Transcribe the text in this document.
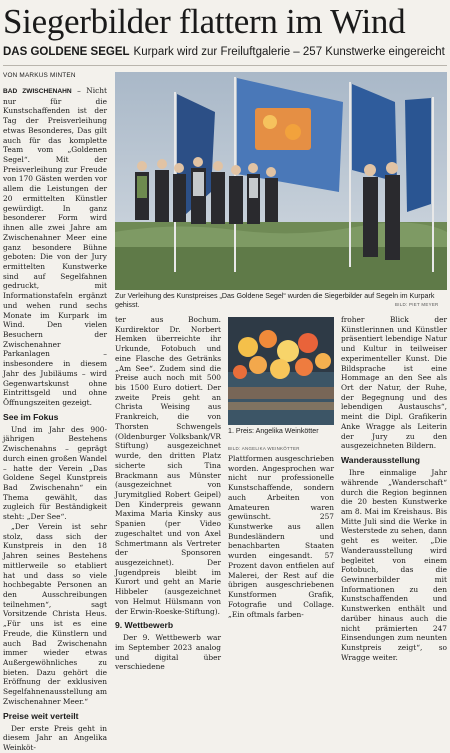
Siegerbilder flattern im Wind
DAS GOLDENE SEGEL Kurpark wird zur Freiluftgalerie – 257 Kunstwerke eingereicht
VON MARKUS MINTEN

BAD ZWISCHENAHN – Nicht nur für die Kunstschaffenden ist der Tag der Preisverleihung etwas Besonderes, Das gilt auch für das komplette Team vom „Goldenen Segel“. Mit der Preisverleihung zur Freude von 170 Gästen werden vor allem die Leistungen der 20 ermittelten Künstler gewürdigt. In ganz besonderer Form wird ihnen alle zwei Jahre am Zwischenahner Meer eine ganz besondere Bühne geboten: Die von der Jury ermittelten Kunstwerke sind auf Segelfahnen gedruckt, mit Informationstafeln ergänzt und wehen rund sechs Monate im Kurpark im Wind. Den vielen Besuchern der Zwischenahner Parkanlagen – insbesondere in diesem Jahr des Jubiläums – wird Gegenwartskunst ohne Eintrittsgeld und ohne Öffnungszeiten gezeigt.

See im Fokus

Und im Jahr des 900-jährigen Bestehens Zwischenahns – geprägt durch einen großen Wandel – hatte der Verein „Das Goldene Segel Kunstpreis Bad Zwischenahn“ ein Thema gewählt, das zugleich für Beständigkeit steht: „Der See“.

„Der Verein ist sehr stolz, dass sich der Kunstpreis in den 18 Jahren seines Bestehens mittlerweile so etabliert hat und dass so viele hochbegabte Personen an den Ausschreibungen teilnehmen“, sagt Vorsitzende Christa Heus. „Für uns ist es eine Freude, die Künstlern und auch Bad Zwischenahn immer wieder etwas Außergewöhnliches zu bieten. Dazu gehört die Eröffnung der exklusiven Segelfahnenausstellung am Zwischenahner Meer.“

Preise weit verteilt

Der erste Preis geht in diesem Jahr an Angelika Weinköt-

Zur Verleihung des Kunstpreises „Das Goldene Segel“ wurden die Siegerbilder auf Segeln im Kurpark gehisst.	BILD: PIET MEYER

ter aus Bochum. Kurdirektor Dr. Norbert Hemken überreichte ihr Urkunde, Fotobuch und eine Flasche des Getränks „Am See“. Zudem sind die Preise auch noch mit 500 bis 1500 Euro dotiert. Der zweite Preis geht an Christa Weising aus Frankreich, die von Thorsten Schwengels (Oldenburger Volksbank/VR Stiftung) ausgezeichnet wurde, den dritten Platz sicherte sich Tina Brackmann aus Münster (ausgezeichnet von Jurymitglied Robert Geipel) Den Kinderpreis gewann Maxima Maria Kinsky aus Spanien (per Video zugeschaltet und von Axel Schmertmann als Vertreter der Sponsoren ausgezeichnet). Der Jugendpreis bleibt im Kurort und geht an Marie Hibbeler (ausgezeichnet von Helmut Hülsmann von der Erwin-Roeske-Stiftung).

9. Wettbewerb

Der 9. Wettbewerb war im September 2023 analog und digital über verschiedene

1. Preis: Angelika Weinkötter
BILD: ANGELIKA WEINKÖTTER

Plattformen ausgeschrieben worden. Angesprochen war nicht nur professionelle Kunstschaffende, sondern auch Arbeiten von Amateuren waren gewünscht. 257 Kunstwerke aus allen Bundesländern und benachbarten Staaten wurden eingesandt. 57 Prozent davon entfielen auf Malerei, der Rest auf die übrigen ausgeschriebenen Kunstformen Grafik, Fotografie und Collage. „Ein oftmals farben-

froher Blick der Künstlerinnen und Künstler präsentiert lebendige Natur und Kultur in teilweiser experimenteller Kunst. Die Bildsprache ist eine Hommage an den See als Ort der Natur, der Ruhe, der Begegnung und des lebendigen Austauschs“, meint die Dipl. Grafikerin Anke Wragge als Leiterin der Jury zu den ausgezeichneten Bildern.

Wanderausstellung

Ihre einmalige Jahr währende „Wanderschaft“ durch die Region beginnen die 20 besten Kunstwerke am 8. Mai im Kreishaus. Bis Mitte Juli sind die Werke in Westerstede zu sehen, dann geht es weiter. „Die Wanderausstellung wird begleitet von einem Fotobuch, das die Gewinnerbilder mit Informationen zu den Kunstschaffenden und Kunstwerken enthält und darüber hinaus auch die nicht prämierten 247 Einsendungen zum neunten Kunstpreis zeigt“, so Wragge weiter.
